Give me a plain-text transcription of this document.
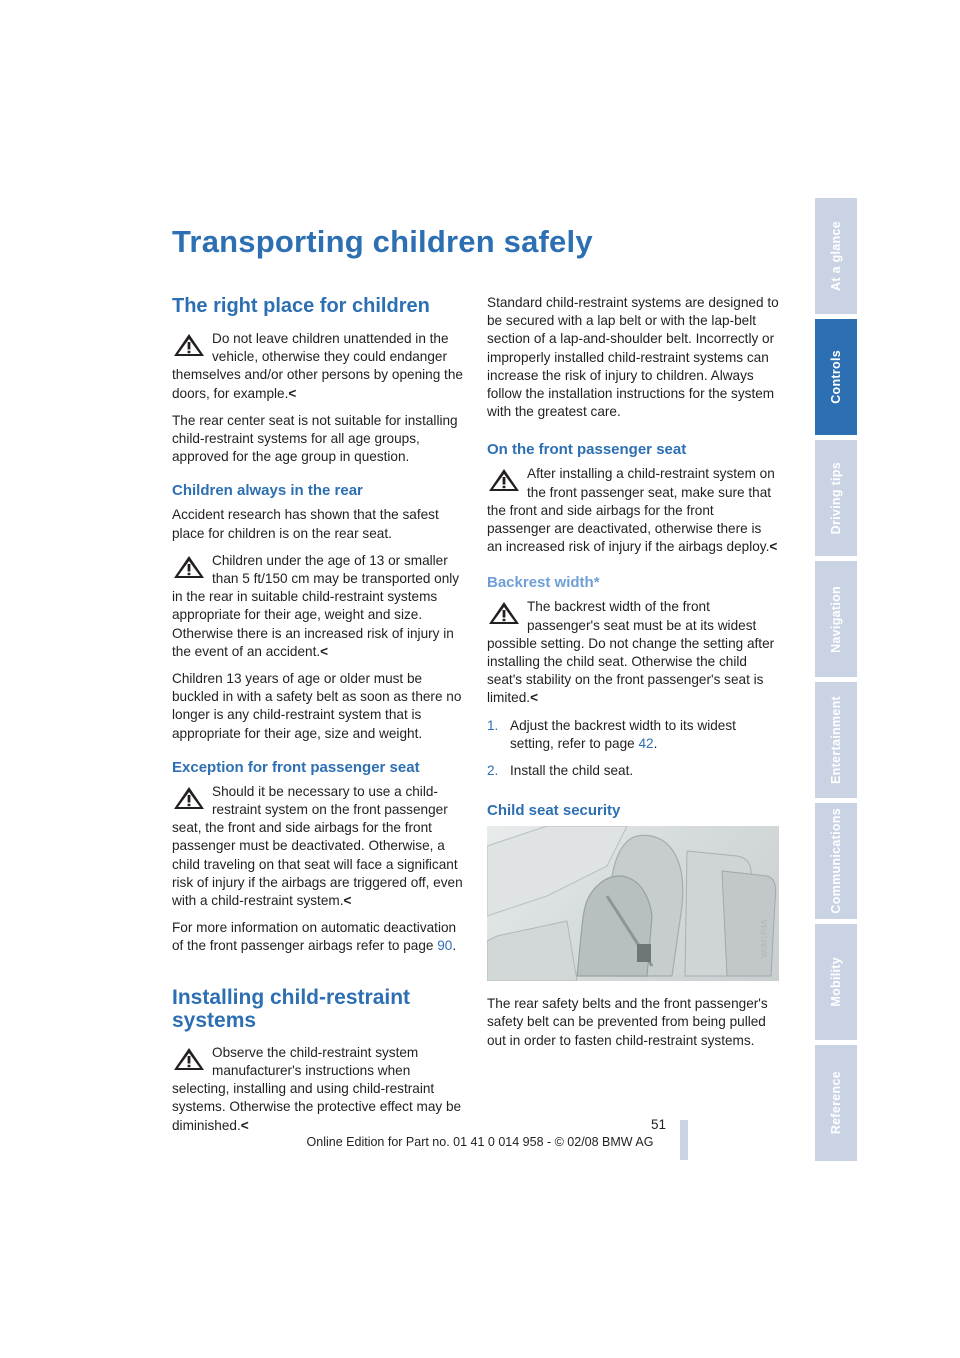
Transporting children safely
The right place for children
Do not leave children unattended in the vehicle, otherwise they could endanger themselves and/or other persons by opening the doors, for example.<

The rear center seat is not suitable for installing child-restraint systems for all age groups, approved for the age group in question.

Children always in the rear

Accident research has shown that the safest place for children is on the rear seat.

Children under the age of 13 or smaller than 5 ft/150 cm may be transported only in the rear in suitable child-restraint systems appropriate for their age, weight and size. Otherwise there is an increased risk of injury in the event of an accident.<

Children 13 years of age or older must be buckled in with a safety belt as soon as there no longer is any child-restraint system that is appropriate for their age, size and weight.

Exception for front passenger seat
Should it be necessary to use a child-restraint system on the front passenger seat, the front and side airbags for the front passenger must be deactivated. Otherwise, a child traveling on that seat will face a significant risk of injury if the airbags are triggered off, even with a child-restraint system.<

For more information on automatic deactivation of the front passenger airbags refer to page 90.

Installing child-restraint systems
Observe the child-restraint system manufacturer's instructions when selecting, installing and using child-restraint systems. Otherwise the protective effect may be diminished.<

Standard child-restraint systems are designed to be secured with a lap belt or with the lap-belt section of a lap-and-shoulder belt. Incorrectly or improperly installed child-restraint systems can increase the risk of injury to children. Always follow the installation instructions for the system with the greatest care.

On the front passenger seat
After installing a child-restraint system on the front passenger seat, make sure that the front and side airbags for the front passenger are deactivated, otherwise there is an increased risk of injury if the airbags deploy.<
Backrest width*
The backrest width of the front passenger's seat must be at its widest possible setting. Do not change the setting after installing the child seat. Otherwise the child seat's stability on the front passenger's seat is limited.<
1. Adjust the backrest width to its widest setting, refer to page 42.
2. Install the child seat.
Child seat security

The rear safety belts and the front passenger's safety belt can be prevented from being pulled out in order to fasten child-restraint systems.

W0M1P4A
At a glance
Controls
Driving tips
Navigation
Entertainment
Communications
Mobility
Reference
51
Online Edition for Part no. 01 41 0 014 958 - © 02/08 BMW AG
